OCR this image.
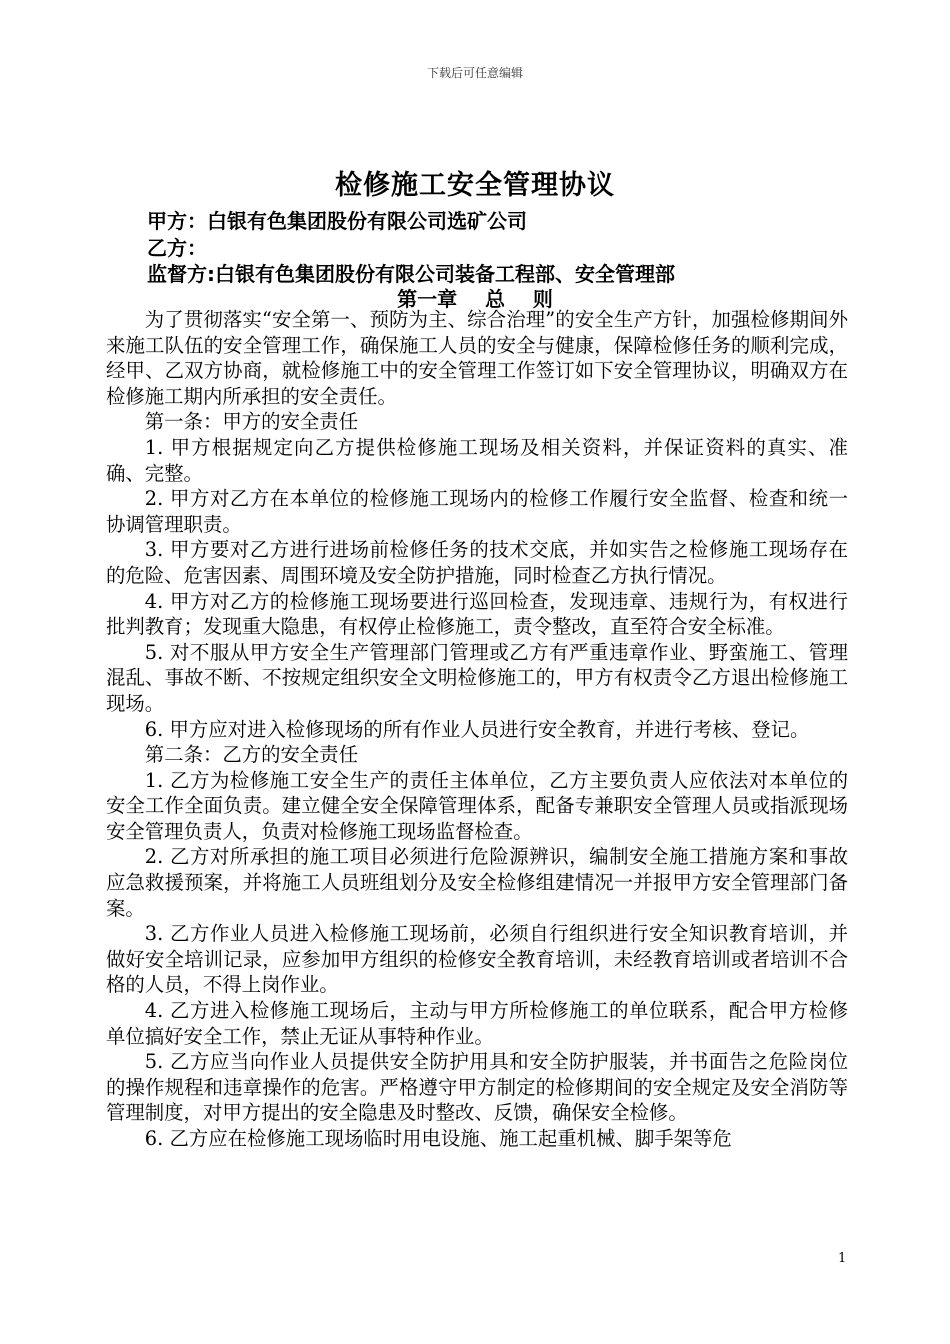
下载后可任意编辑
检修施工安全管理协议
甲方：白银有色集团股份有限公司选矿公司
乙方：
监督方:白银有色集团股份有限公司装备工程部、安全管理部
第一章    总    则

为了贯彻落实“安全第一、预防为主、综合治理”的安全生产方针，加强检修期间外来施工队伍的安全管理工作，确保施工人员的安全与健康，保障检修任务的顺利完成，经甲、乙双方协商，就检修施工中的安全管理工作签订如下安全管理协议，明确双方在检修施工期内所承担的安全责任。

第一条：甲方的安全责任

1. 甲方根据规定向乙方提供检修施工现场及相关资料，并保证资料的真实、准确、完整。

2. 甲方对乙方在本单位的检修施工现场内的检修工作履行安全监督、检查和统一协调管理职责。

3. 甲方要对乙方进行进场前检修任务的技术交底，并如实告之检修施工现场存在的危险、危害因素、周围环境及安全防护措施，同时检查乙方执行情况。

4. 甲方对乙方的检修施工现场要进行巡回检查，发现违章、违规行为，有权进行批判教育；发现重大隐患，有权停止检修施工，责令整改，直至符合安全标准。

5. 对不服从甲方安全生产管理部门管理或乙方有严重违章作业、野蛮施工、管理混乱、事故不断、不按规定组织安全文明检修施工的，甲方有权责令乙方退出检修施工现场。

6. 甲方应对进入检修现场的所有作业人员进行安全教育，并进行考核、登记。

第二条：乙方的安全责任

1. 乙方为检修施工安全生产的责任主体单位，乙方主要负责人应依法对本单位的安全工作全面负责。建立健全安全保障管理体系，配备专兼职安全管理人员或指派现场安全管理负责人，负责对检修施工现场监督检查。

2. 乙方对所承担的施工项目必须进行危险源辨识，编制安全施工措施方案和事故应急救援预案，并将施工人员班组划分及安全检修组建情况一并报甲方安全管理部门备案。

3. 乙方作业人员进入检修施工现场前，必须自行组织进行安全知识教育培训，并做好安全培训记录，应参加甲方组织的检修安全教育培训，未经教育培训或者培训不合格的人员，不得上岗作业。

4. 乙方进入检修施工现场后，主动与甲方所检修施工的单位联系，配合甲方检修单位搞好安全工作，禁止无证从事特种作业。

5. 乙方应当向作业人员提供安全防护用具和安全防护服装，并书面告之危险岗位的操作规程和违章操作的危害。严格遵守甲方制定的检修期间的安全规定及安全消防等管理制度，对甲方提出的安全隐患及时整改、反馈，确保安全检修。

6. 乙方应在检修施工现场临时用电设施、施工起重机械、脚手架等危

1
